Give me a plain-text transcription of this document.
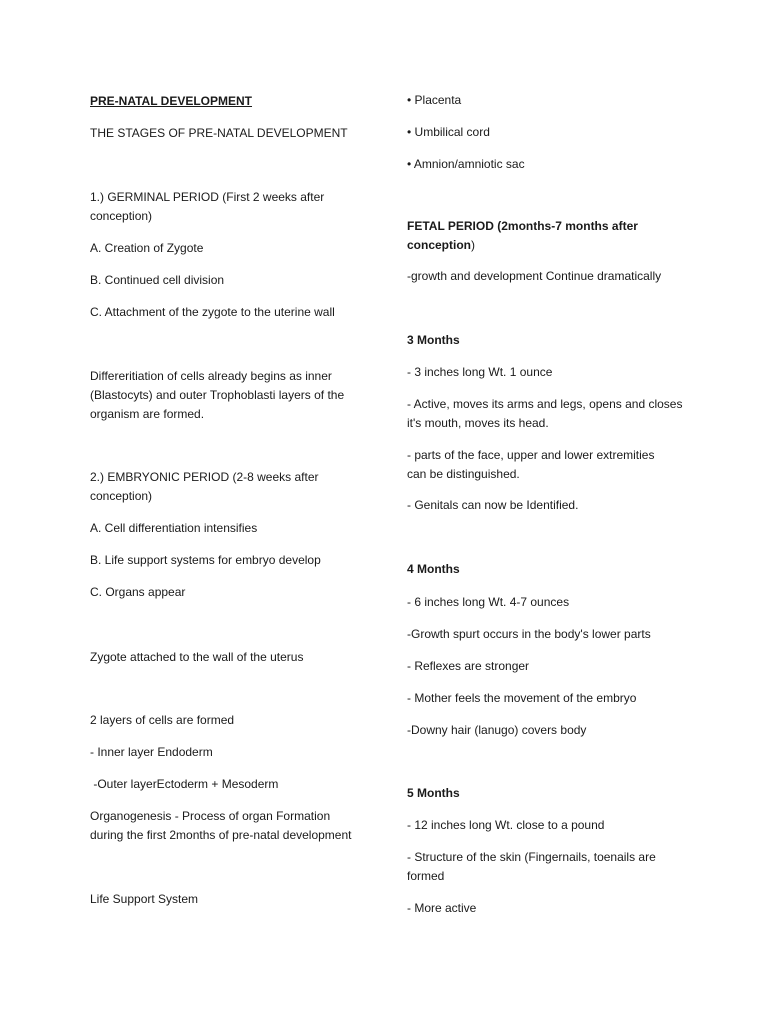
PRE-NATAL DEVELOPMENT
THE STAGES OF PRE-NATAL DEVELOPMENT
1.) GERMINAL PERIOD (First 2 weeks after
conception)
A. Creation of Zygote
B. Continued cell division
C. Attachment of the zygote to the uterine wall
Differeritiation of cells already begins as inner
(Blastocyts) and outer Trophoblasti layers of the
organism are formed.
2.) EMBRYONIC PERIOD (2-8 weeks after
conception)
A. Cell differentiation intensifies
B. Life support systems for embryo develop
C. Organs appear
Zygote attached to the wall of the uterus
2 layers of cells are formed
- Inner layer Endoderm
-Outer layerEctoderm + Mesoderm
Organogenesis - Process of organ Formation
during the first 2months of pre-natal development
Life Support System
• Placenta
• Umbilical cord
• Amnion/amniotic sac
FETAL PERIOD (2months-7 months after
conception)
-growth and development Continue dramatically
3 Months
- 3 inches long Wt. 1 ounce
- Active, moves its arms and legs, opens and closes
it's mouth, moves its head.
- parts of the face, upper and lower extremities
can be distinguished.
- Genitals can now be Identified.
4 Months
- 6 inches long Wt. 4-7 ounces
-Growth spurt occurs in the body's lower parts
- Reflexes are stronger
- Mother feels the movement of the embryo
-Downy hair (lanugo) covers body
5 Months
- 12 inches long Wt. close to a pound
- Structure of the skin (Fingernails, toenails are
formed
- More active
